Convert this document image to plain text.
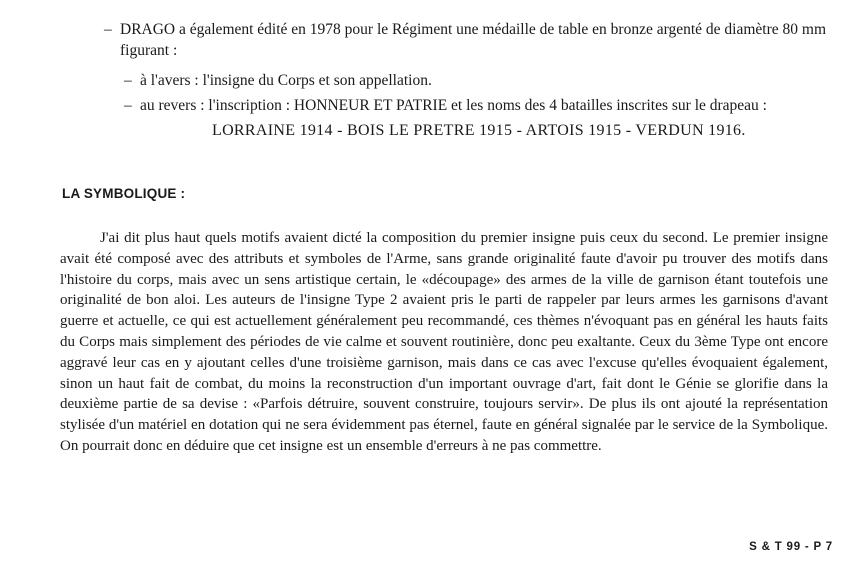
– DRAGO a également édité en 1978 pour le Régiment une médaille de table en bronze argenté de diamètre 80 mm figurant :
– à l'avers : l'insigne du Corps et son appellation.
– au revers : l'inscription : HONNEUR ET PATRIE et les noms des 4 batailles inscrites sur le drapeau :
LORRAINE 1914 - BOIS LE PRETRE 1915 - ARTOIS 1915 - VERDUN 1916.
LA SYMBOLIQUE :
J'ai dit plus haut quels motifs avaient dicté la composition du premier insigne puis ceux du second. Le premier insigne avait été composé avec des attributs et symboles de l'Arme, sans grande originalité faute d'avoir pu trouver des motifs dans l'histoire du corps, mais avec un sens artistique certain, le «découpage» des armes de la ville de garnison étant toutefois une originalité de bon aloi. Les auteurs de l'insigne Type 2 avaient pris le parti de rappeler par leurs armes les garnisons d'avant guerre et actuelle, ce qui est actuellement généralement peu recommandé, ces thèmes n'évoquant pas en général les hauts faits du Corps mais simplement des périodes de vie calme et souvent routinière, donc peu exaltante. Ceux du 3ème Type ont encore aggravé leur cas en y ajoutant celles d'une troisième garnison, mais dans ce cas avec l'excuse qu'elles évoquaient également, sinon un haut fait de combat, du moins la reconstruction d'un important ouvrage d'art, fait dont le Génie se glorifie dans la deuxième partie de sa devise : «Parfois détruire, souvent construire, toujours servir». De plus ils ont ajouté la représentation stylisée d'un matériel en dotation qui ne sera évidemment pas éternel, faute en général signalée par le service de la Symbolique. On pourrait donc en déduire que cet insigne est un ensemble d'erreurs à ne pas commettre.
S & T 99 - P 7
